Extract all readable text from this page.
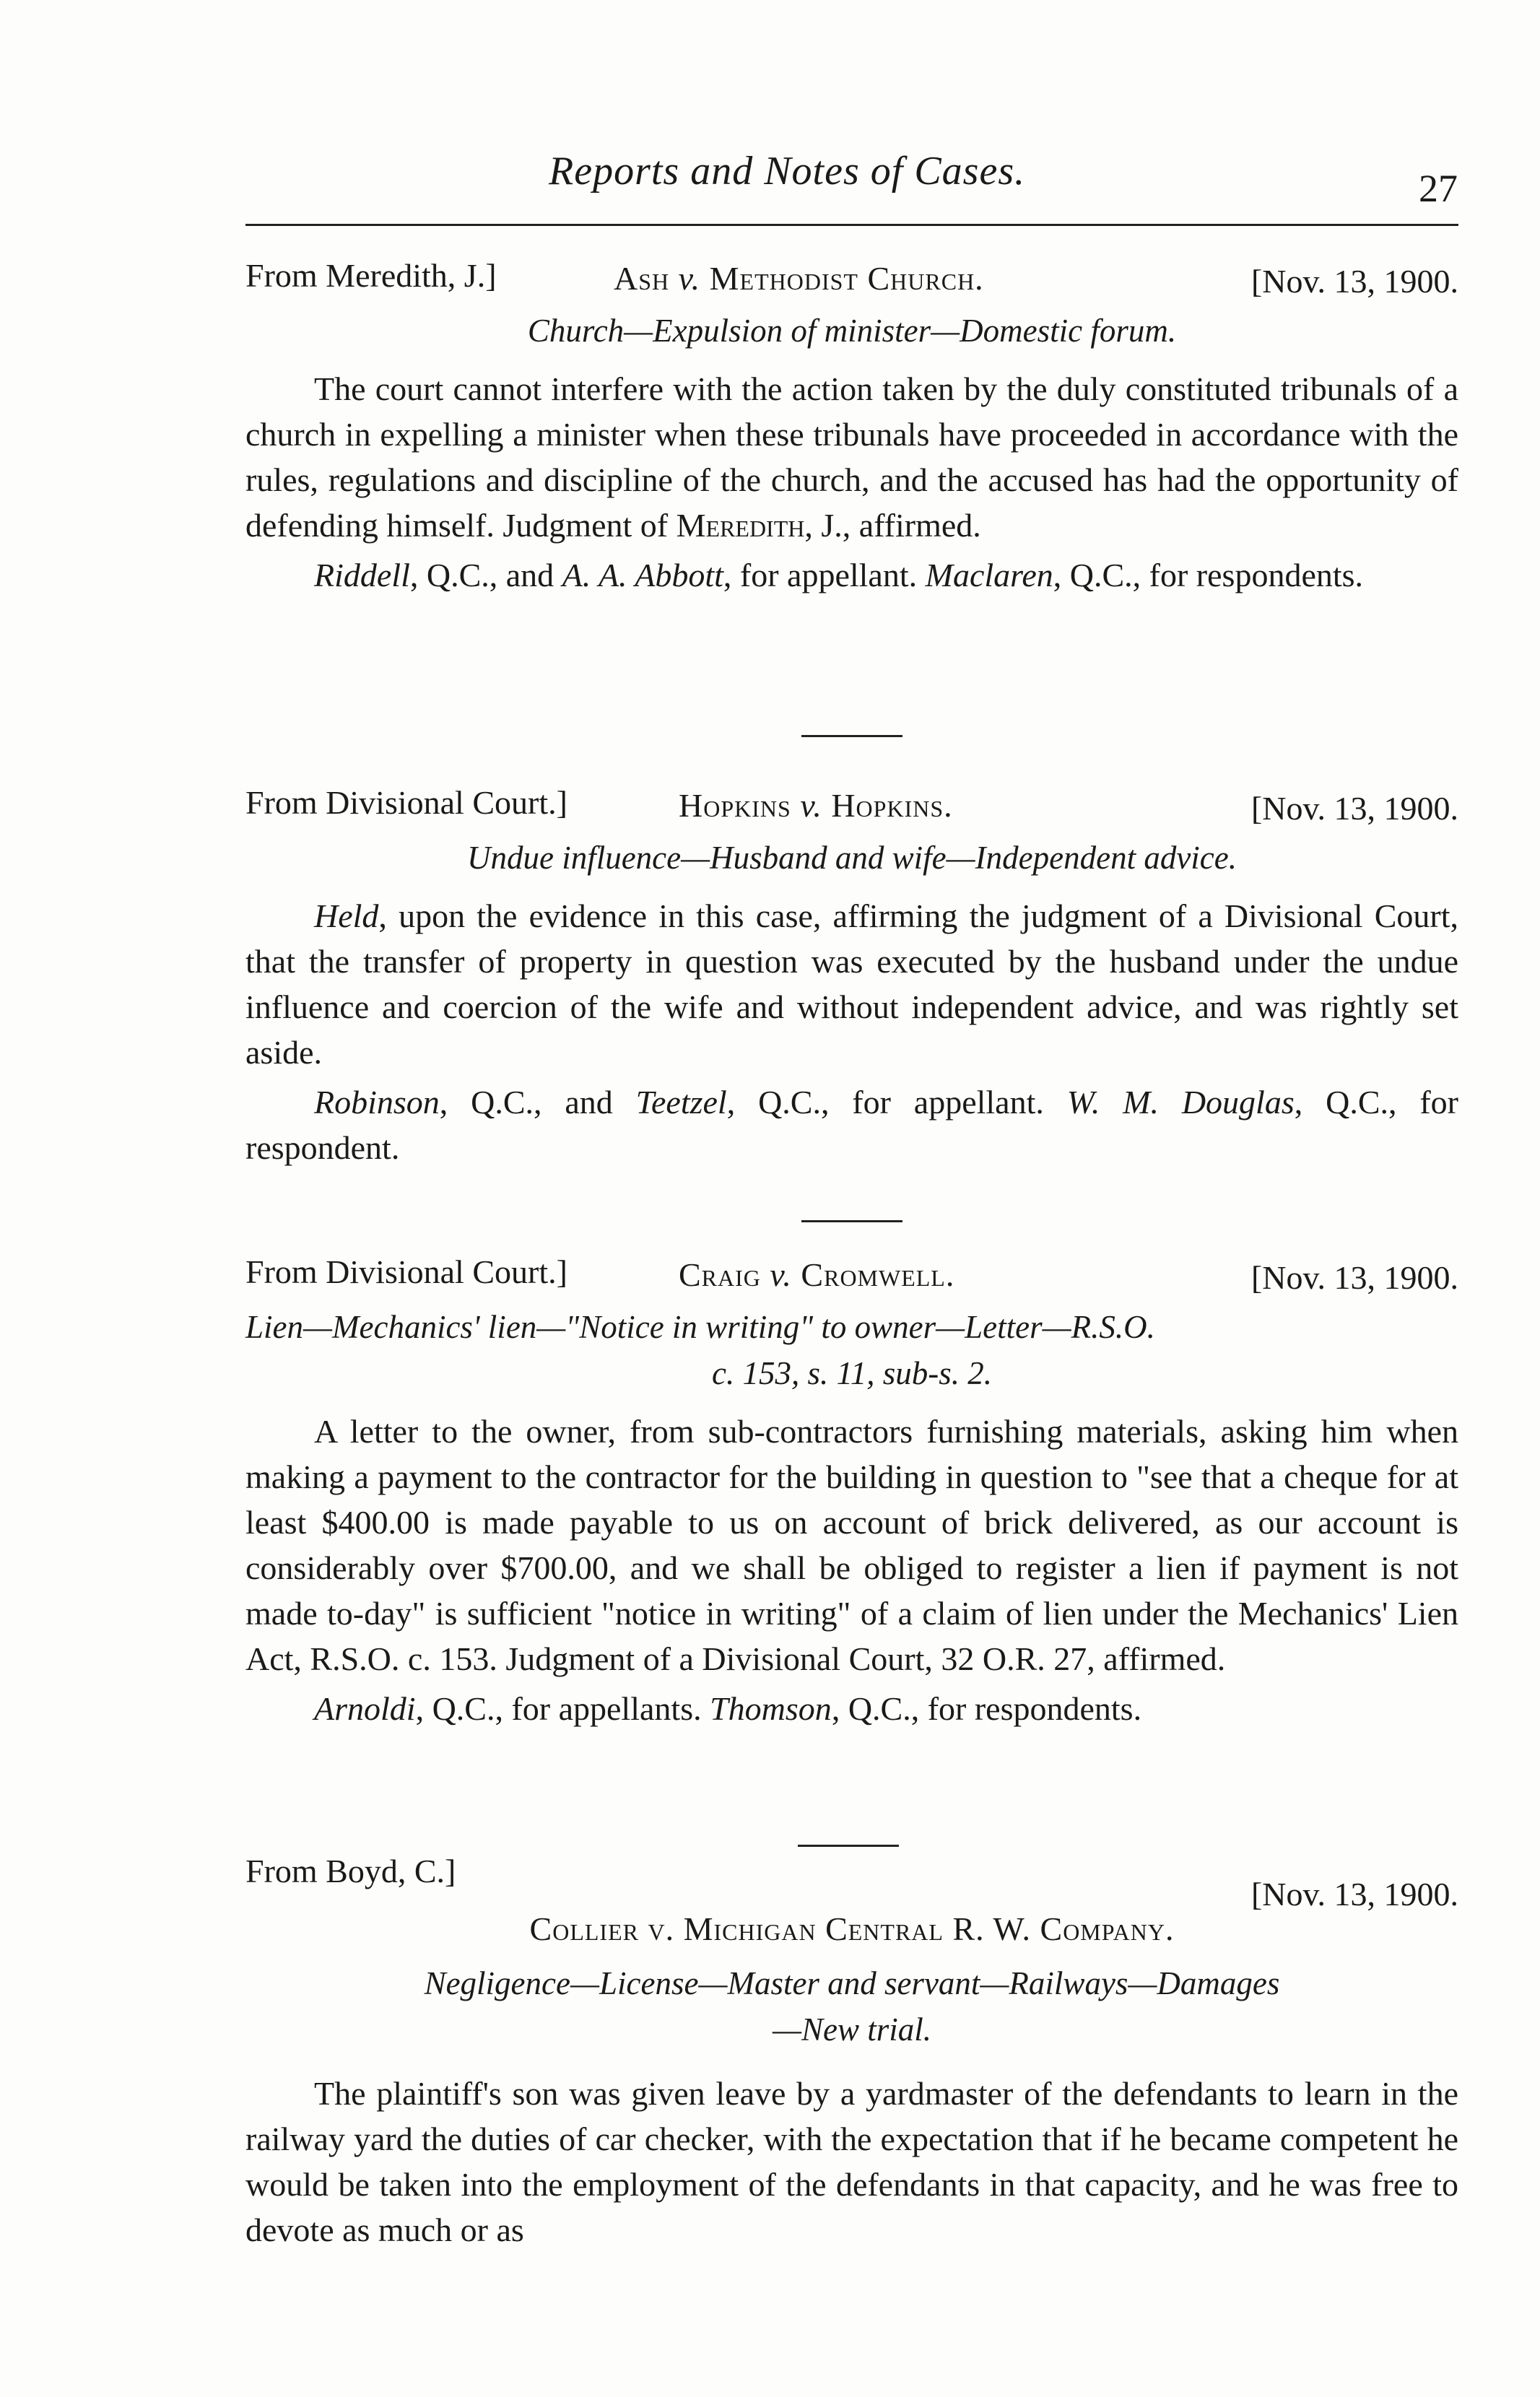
Reports and Notes of Cases.	27
From Meredith, J.]	Ash v. Methodist Church.	[Nov. 13, 1900.
Church—Expulsion of minister—Domestic forum.

The court cannot interfere with the action taken by the duly constituted tribunals of a church in expelling a minister when these tribunals have proceeded in accordance with the rules, regulations and discipline of the church, and the accused has had the opportunity of defending himself. Judgment of Meredith, J., affirmed.

Riddell, Q.C., and A. A. Abbott, for appellant. Maclaren, Q.C., for respondents.

From Divisional Court.]	Hopkins v. Hopkins.	[Nov. 13, 1900.
Undue influence—Husband and wife—Independent advice.

Held, upon the evidence in this case, affirming the judgment of a Divisional Court, that the transfer of property in question was executed by the husband under the undue influence and coercion of the wife and without independent advice, and was rightly set aside.

Robinson, Q.C., and Teetzel, Q.C., for appellant. W. M. Douglas, Q.C., for respondent.

From Divisional Court.]	Craig v. Cromwell.	[Nov. 13, 1900.
Lien—Mechanics' lien—"Notice in writing" to owner—Letter—R.S.O.
c. 153, s. 11, sub-s. 2.

A letter to the owner, from sub-contractors furnishing materials, asking him when making a payment to the contractor for the building in question to "see that a cheque for at least $400.00 is made payable to us on account of brick delivered, as our account is considerably over $700.00, and we shall be obliged to register a lien if payment is not made to-day" is sufficient "notice in writing" of a claim of lien under the Mechanics' Lien Act, R.S.O. c. 153. Judgment of a Divisional Court, 32 O.R. 27, affirmed.

Arnoldi, Q.C., for appellants. Thomson, Q.C., for respondents.

From Boyd, C.]
[Nov. 13, 1900.
Collier v. Michigan Central R. W. Company.
Negligence—License—Master and servant—Railways—Damages
—New trial.

The plaintiff's son was given leave by a yardmaster of the defendants to learn in the railway yard the duties of car checker, with the expectation that if he became competent he would be taken into the employment of the defendants in that capacity, and he was free to devote as much or as
